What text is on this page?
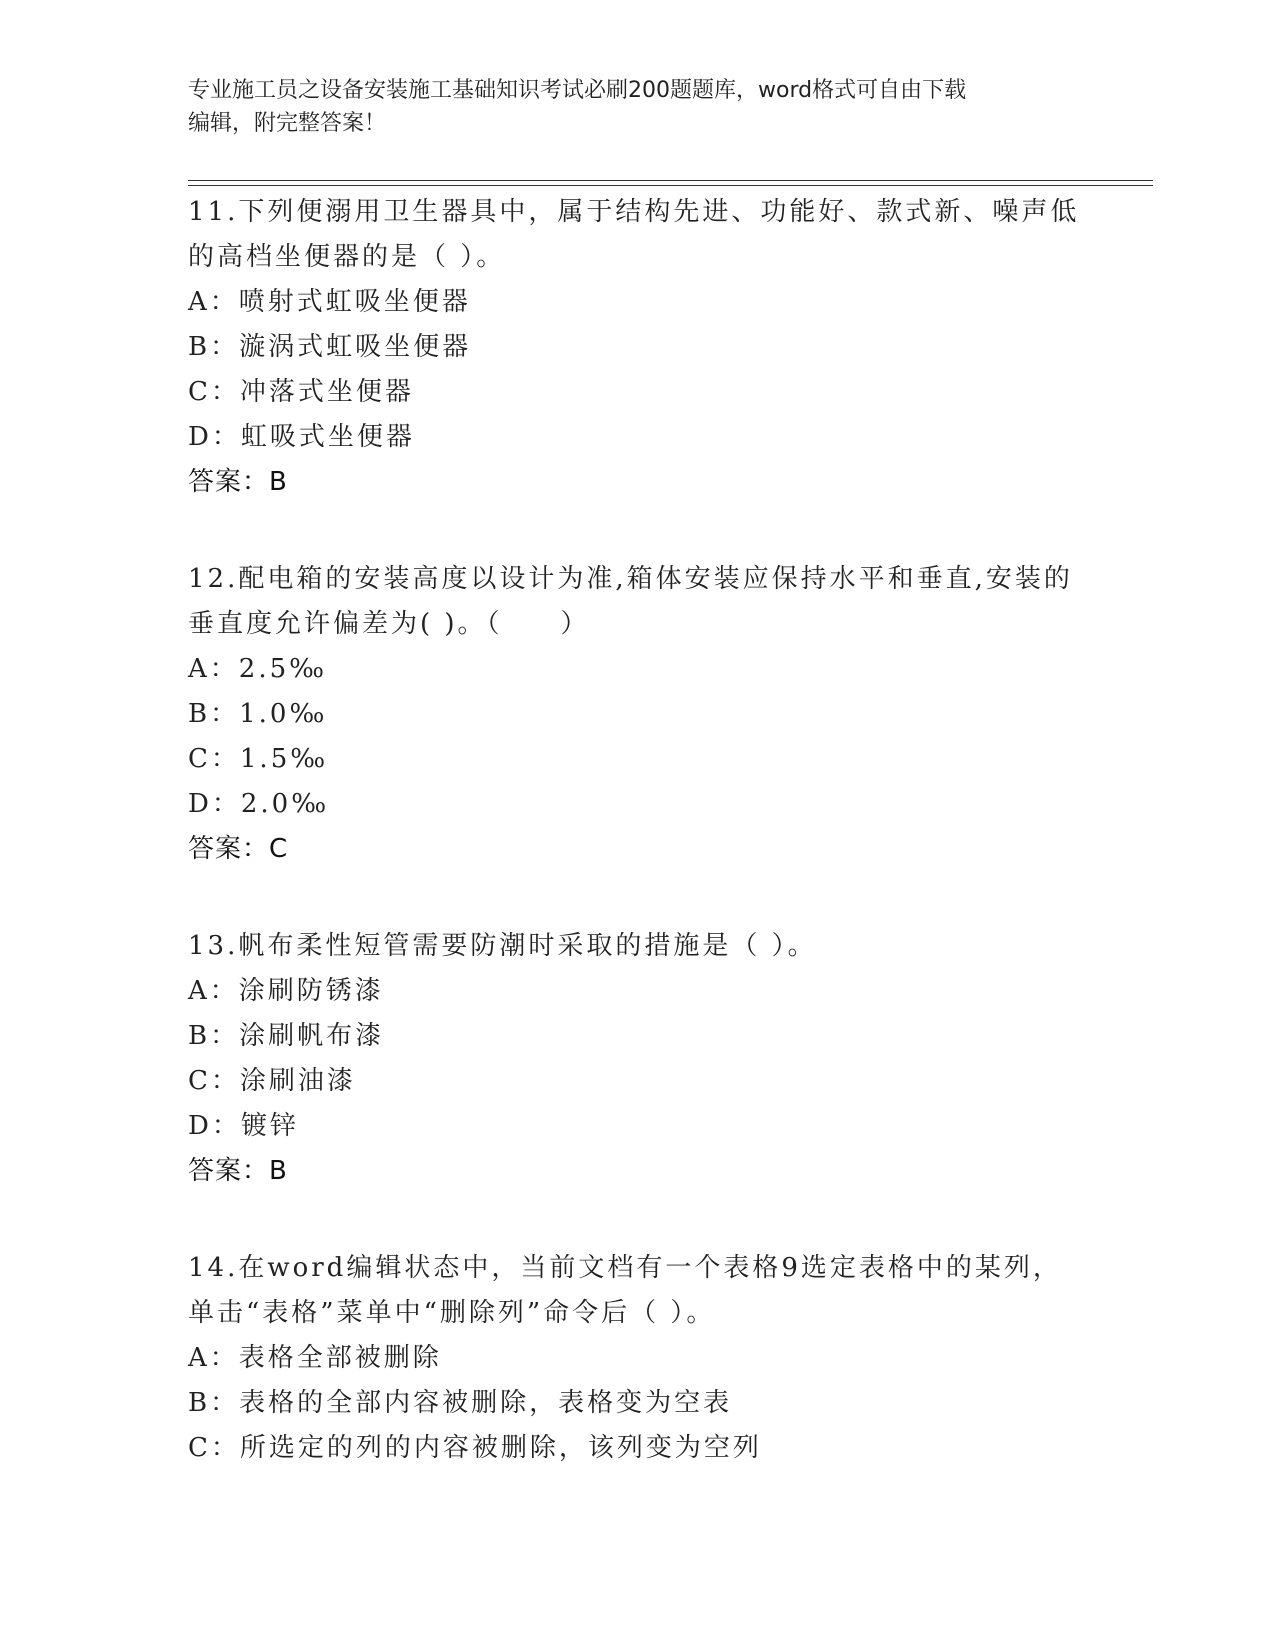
专业施工员之设备安装施工基础知识考试必刷200题题库，word格式可自由下载
编辑，附完整答案！

11.下列便溺用卫生器具中，属于结构先进、功能好、款式新、噪声低

的高档坐便器的是（ ）。

A：喷射式虹吸坐便器

B：漩涡式虹吸坐便器

C：冲落式坐便器

D：虹吸式坐便器

答案：B

12.配电箱的安装高度以设计为准,箱体安装应保持水平和垂直,安装的

垂直度允许偏差为( )。（　　）

A：2.5‰

B：1.0‰

C：1.5‰

D：2.0‰

答案：C

13.帆布柔性短管需要防潮时采取的措施是（ ）。

A：涂刷防锈漆

B：涂刷帆布漆

C：涂刷油漆

D：镀锌

答案：B

14.在word编辑状态中，当前文档有一个表格9选定表格中的某列，

单击“表格”菜单中“删除列”命令后（ ）。

A：表格全部被删除

B：表格的全部内容被删除，表格变为空表

C：所选定的列的内容被删除，该列变为空列
